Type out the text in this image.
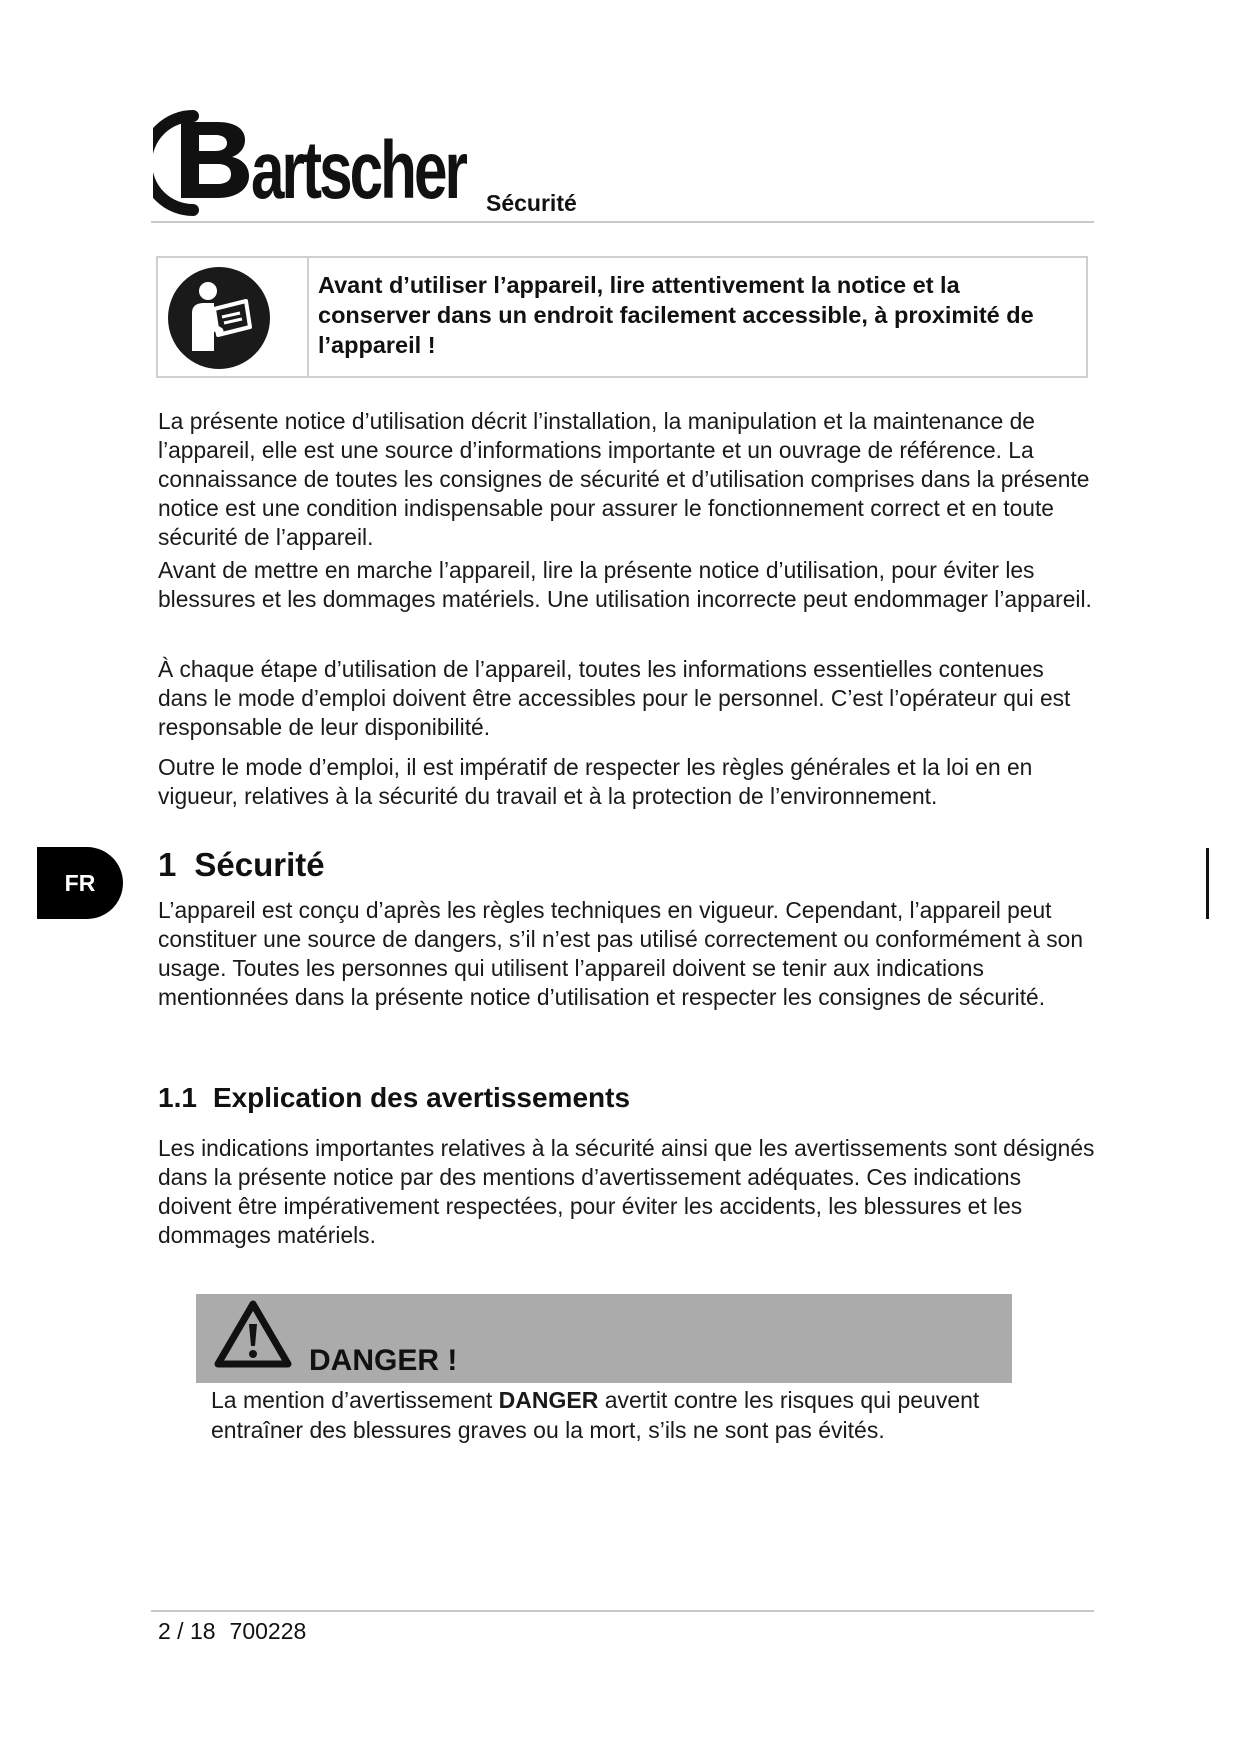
artscher Sécurité
Avant d’utiliser l’appareil, lire attentivement la notice et la conserver dans un endroit facilement accessible, à proximité de l’appareil !
La présente notice d’utilisation décrit l’installation, la manipulation et la maintenance de l’appareil, elle est une source d’informations importante et un ouvrage de référence. La connaissance de toutes les consignes de sécurité et d’utilisation comprises dans la présente notice est une condition indispensable pour assurer le fonctionnement correct et en toute sécurité de l’appareil.
Avant de mettre en marche l’appareil, lire la présente notice d’utilisation, pour éviter les blessures et les dommages matériels. Une utilisation incorrecte peut endommager l’appareil.
À chaque étape d’utilisation de l’appareil, toutes les informations essentielles contenues dans le mode d’emploi doivent être accessibles pour le personnel. C’est l’opérateur qui est responsable de leur disponibilité.
Outre le mode d’emploi, il est impératif de respecter les règles générales et la loi en en vigueur, relatives à la sécurité du travail et à la protection de l’environnement.
FR	1 Sécurité
L’appareil est conçu d’après les règles techniques en vigueur. Cependant, l’appareil peut constituer une source de dangers, s’il n’est pas utilisé correctement ou conformément à son usage. Toutes les personnes qui utilisent l’appareil doivent se tenir aux indications mentionnées dans la présente notice d’utilisation et respecter les consignes de sécurité.
1.1 Explication des avertissements
Les indications importantes relatives à la sécurité ainsi que les avertissements sont désignés dans la présente notice par des mentions d’avertissement adéquates. Ces indications doivent être impérativement respectées, pour éviter les accidents, les blessures et les dommages matériels.
DANGER !
La mention d’avertissement DANGER avertit contre les risques qui peuvent entraîner des blessures graves ou la mort, s’ils ne sont pas évités.
2 / 18 700228
